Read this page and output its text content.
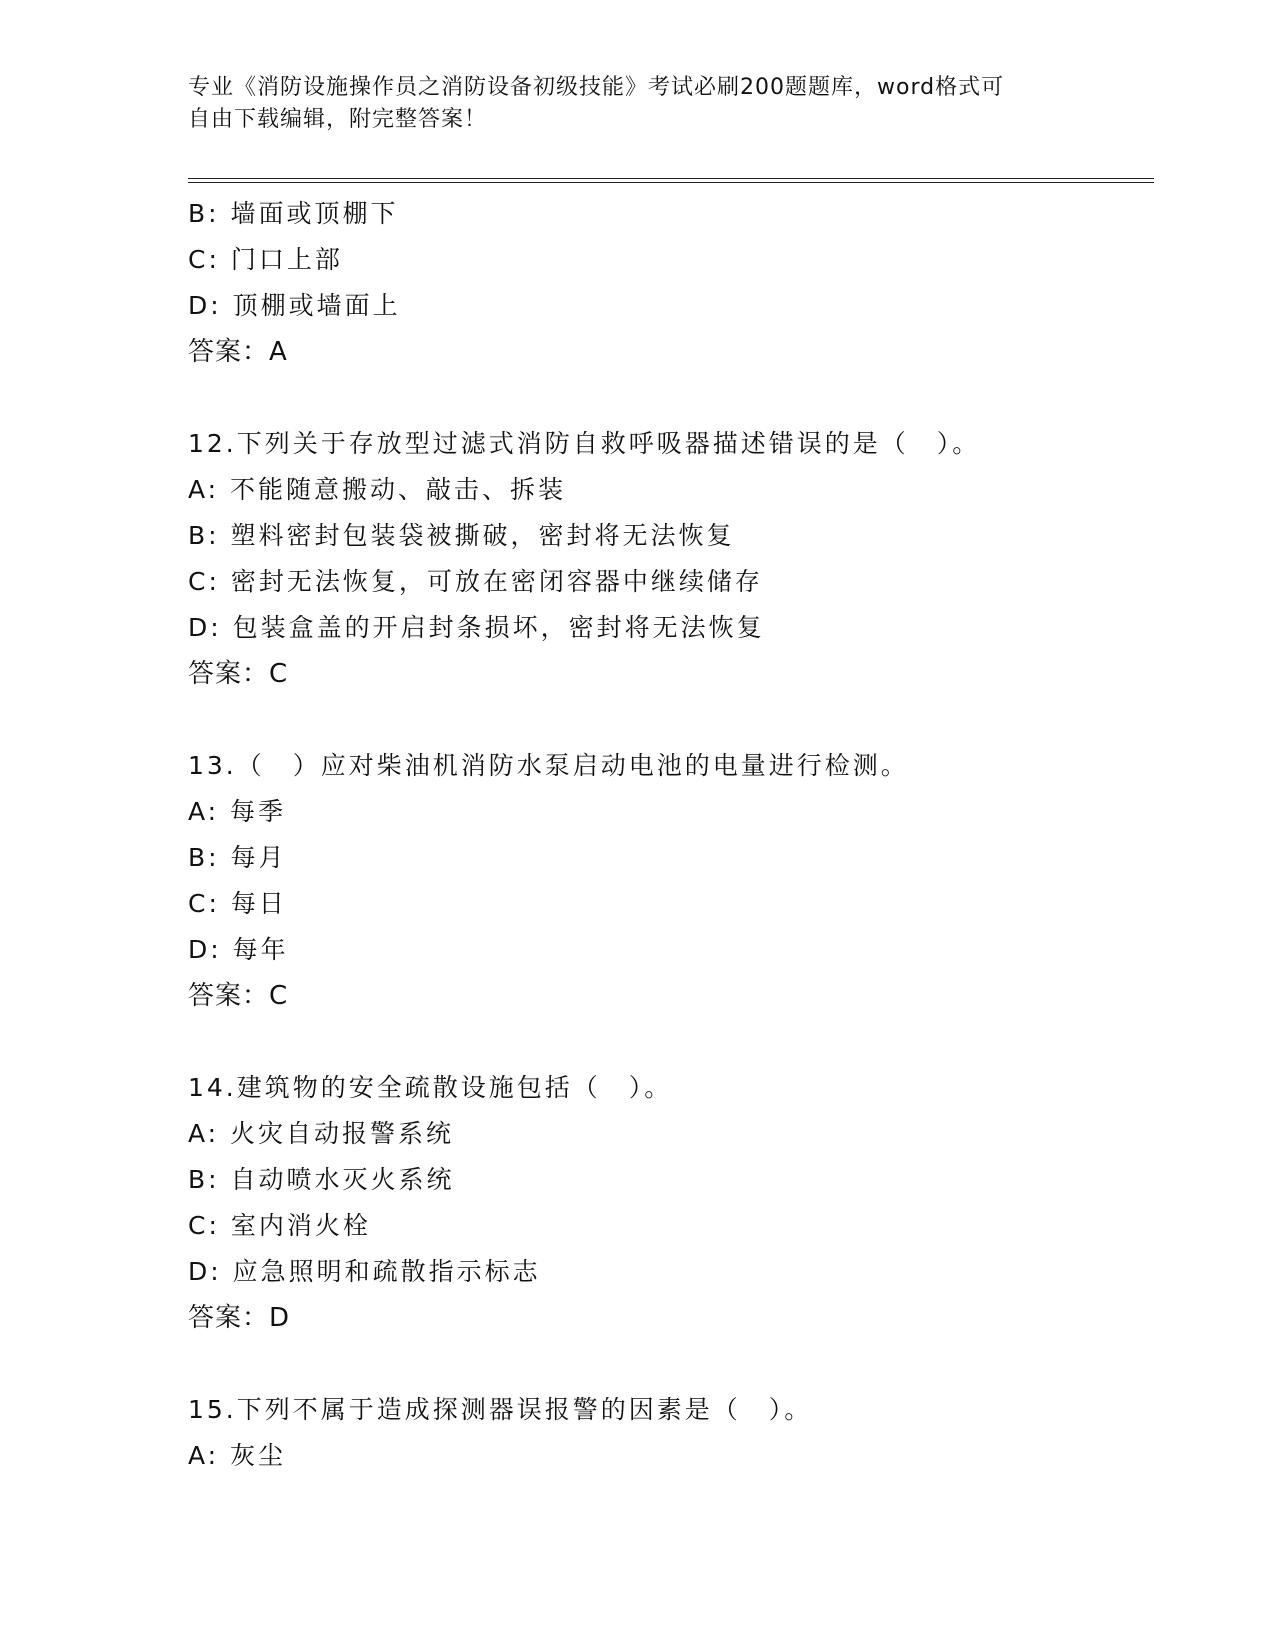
专业《消防设施操作员之消防设备初级技能》考试必刷200题题库，word格式可
自由下载编辑，附完整答案！
B: 墙面或顶棚下
C: 门口上部
D: 顶棚或墙面上
答案：A
12.下列关于存放型过滤式消防自救呼吸器描述错误的是（　）。
A: 不能随意搬动、敲击、拆装
B: 塑料密封包装袋被撕破，密封将无法恢复
C: 密封无法恢复，可放在密闭容器中继续储存
D: 包装盒盖的开启封条损坏，密封将无法恢复
答案：C
13.（　）应对柴油机消防水泵启动电池的电量进行检测。
A: 每季
B: 每月
C: 每日
D: 每年
答案：C
14.建筑物的安全疏散设施包括（　）。
A: 火灾自动报警系统
B: 自动喷水灭火系统
C: 室内消火栓
D: 应急照明和疏散指示标志
答案：D
15.下列不属于造成探测器误报警的因素是（　）。
A: 灰尘
